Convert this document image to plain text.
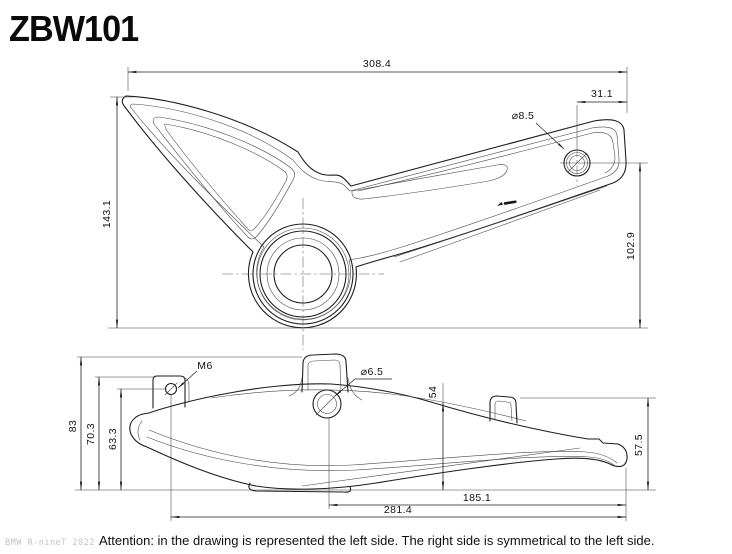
ZBW101
308.4
143.1
31.1
⌀8.5
102.9
83 70.3 63.3
M6	⌀6.5
54
57.5
185.1
281.4
BMW R-nineT 2022 Attention: in the drawing is represented the left side. The right side is symmetrical to the left side.
